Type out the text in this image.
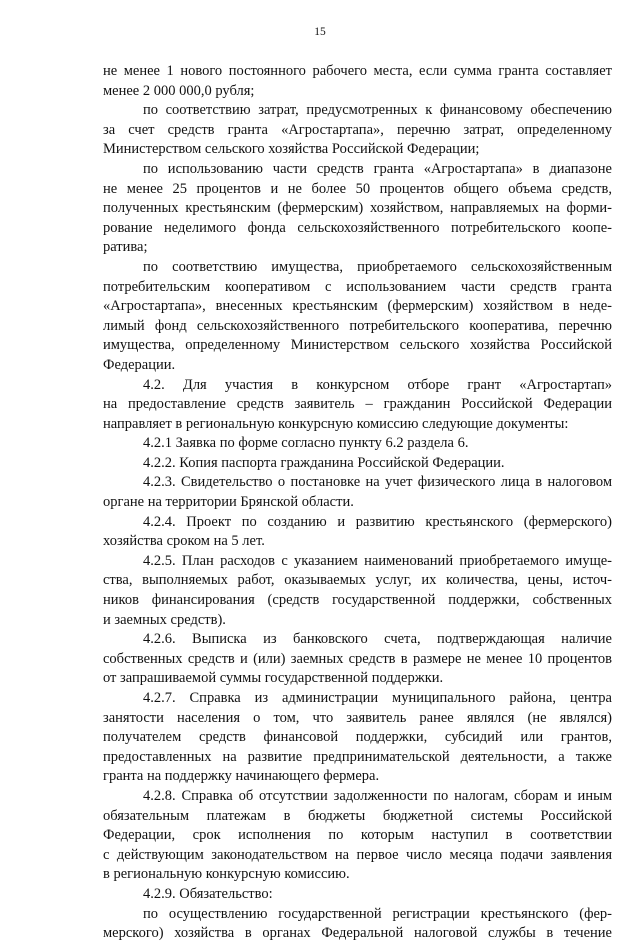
15
не менее 1 нового постоянного рабочего места, если сумма гранта составляет
менее 2 000 000,0 рубля;
по соответствию затрат, предусмотренных к финансовому обеспечению
за счет средств гранта «Агростартапа», перечню затрат, определенному
Министерством сельского хозяйства Российской Федерации;
по использованию части средств гранта «Агростартапа» в диапазоне
не менее 25 процентов и не более 50 процентов общего объема средств,
полученных крестьянским (фермерским) хозяйством, направляемых на форми-
рование неделимого фонда сельскохозяйственного потребительского коопе-
ратива;
по соответствию имущества, приобретаемого сельскохозяйственным
потребительским кооперативом с использованием части средств гранта
«Агростартапа», внесенных крестьянским (фермерским) хозяйством в недe-
лимый фонд сельскохозяйственного потребительского кооператива, перечню
имущества, определенному Министерством сельского хозяйства Российской
Федерации.
4.2. Для участия в конкурсном отборе грант «Агростартап»
на предоставление средств заявитель – гражданин Российской Федерации
направляет в региональную конкурсную комиссию следующие документы:
4.2.1 Заявка по форме согласно пункту 6.2 раздела 6.
4.2.2. Копия паспорта гражданина Российской Федерации.
4.2.3. Свидетельство о постановке на учет физического лица в налоговом
органе на территории Брянской области.
4.2.4. Проект по созданию и развитию крестьянского (фермерского)
хозяйства сроком на 5 лет.
4.2.5. План расходов с указанием наименований приобретаемого имуще-
ства, выполняемых работ, оказываемых услуг, их количества, цены, источ-
ников финансирования (средств государственной поддержки, собственных
и заемных средств).
4.2.6. Выписка из банковского счета, подтверждающая наличие
собственных средств и (или) заемных средств в размере не менее 10 процентов
от запрашиваемой суммы государственной поддержки.
4.2.7. Справка из администрации муниципального района, центра
занятости населения о том, что заявитель ранее являлся (не являлся)
получателем средств финансовой поддержки, субсидий или грантов,
предоставленных на развитие предпринимательской деятельности, а также
гранта на поддержку начинающего фермера.
4.2.8. Справка об отсутствии задолженности по налогам, сборам и иным
обязательным платежам в бюджеты бюджетной системы Российской
Федерации, срок исполнения по которым наступил в соответствии
с действующим законодательством на первое число месяца подачи заявления
в региональную конкурсную комиссию.
4.2.9. Обязательство:
по осуществлению государственной регистрации крестьянского (фер-
мерского) хозяйства в органах Федеральной налоговой службы в течение
